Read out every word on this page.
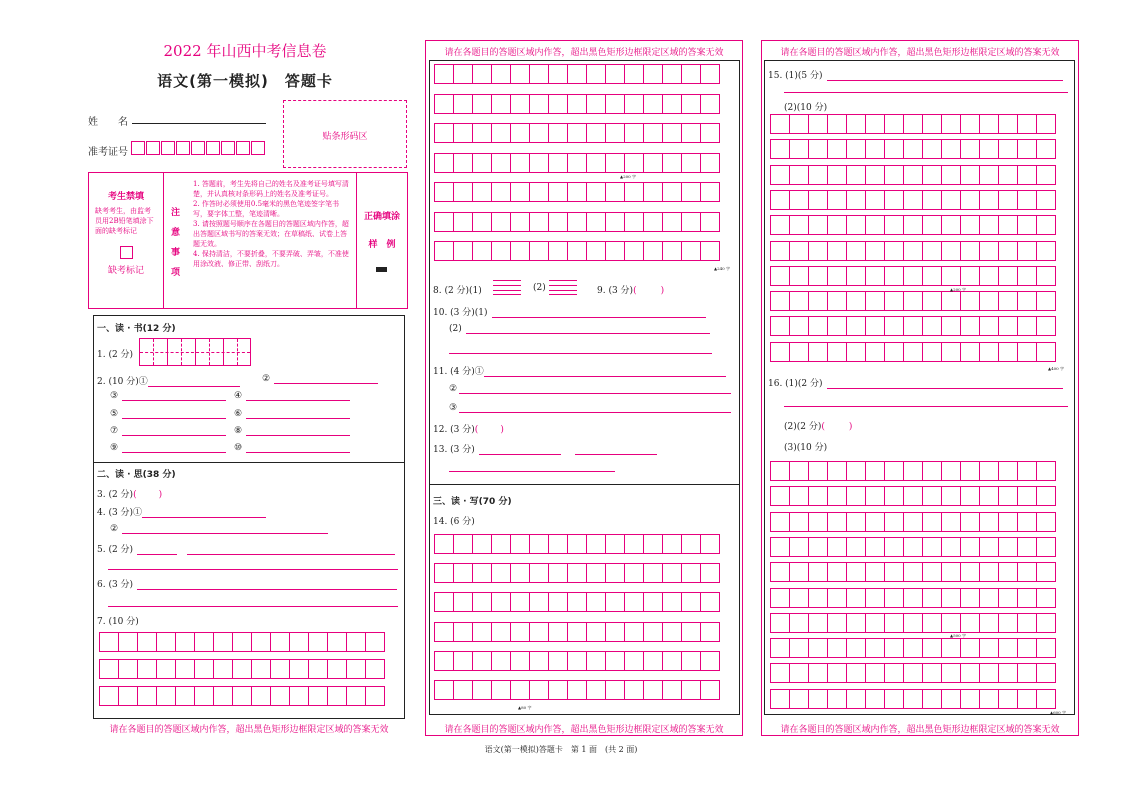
2022 年山西中考信息卷
语文(第一模拟)　答题卡
姓　　名
准考证号
贴条形码区
考生禁填
缺考考生，由监考员用2B铅笔填涂下面的缺考标记
缺考标记
注意事项
1. 答题前，考生先将自己的姓名及准考证号填写清楚，并认真核对条形码上的姓名及准考证号。
2. 作答时必须使用0.5毫米的黑色笔迹签字笔书写，要字体工整，笔迹清晰。
3. 请按照题号顺序在各题目的答题区域内作答，超出答题区域书写的答案无效；在草稿纸、试卷上答题无效。
4. 保持清洁，不要折叠，不要弄破、弄皱，不准使用涂改液、修正带、刮纸刀。
正确填涂
样　例
一、读 · 书(12 分)
1. (2 分)
2. (10 分)①	②
③	④
⑤	⑥
⑦	⑧
⑨	⑩
二、读 · 思(38 分)
3. (2 分)( )
4. (3 分)①
②
5. (2 分)
6. (3 分)
7. (10 分)
请在各题目的答题区域内作答，超出黑色矩形边框限定区域的答案无效
请在各题目的答题区域内作答，超出黑色矩形边框限定区域的答案无效
▲200 字
▲240 字
8. (2 分)(1)	(2)	9. (3 分)(	)
10. (3 分)(1)
(2)
11. (4 分)①
②
③
12. (3 分)( )
13. (3 分)
三、读 · 写(70 分)
14. (6 分)
▲80 字
请在各题目的答题区域内作答，超出黑色矩形边框限定区域的答案无效
请在各题目的答题区域内作答，超出黑色矩形边框限定区域的答案无效
15. (1)(5 分)
(2)(10 分)
▲200 字
▲400 字
16. (1)(2 分)
(2)(2 分)(	)
(3)(10 分)
▲500 字
▲600 字
请在各题目的答题区域内作答，超出黑色矩形边框限定区域的答案无效
语文(第一模拟)答题卡　第 1 面　(共 2 面)
